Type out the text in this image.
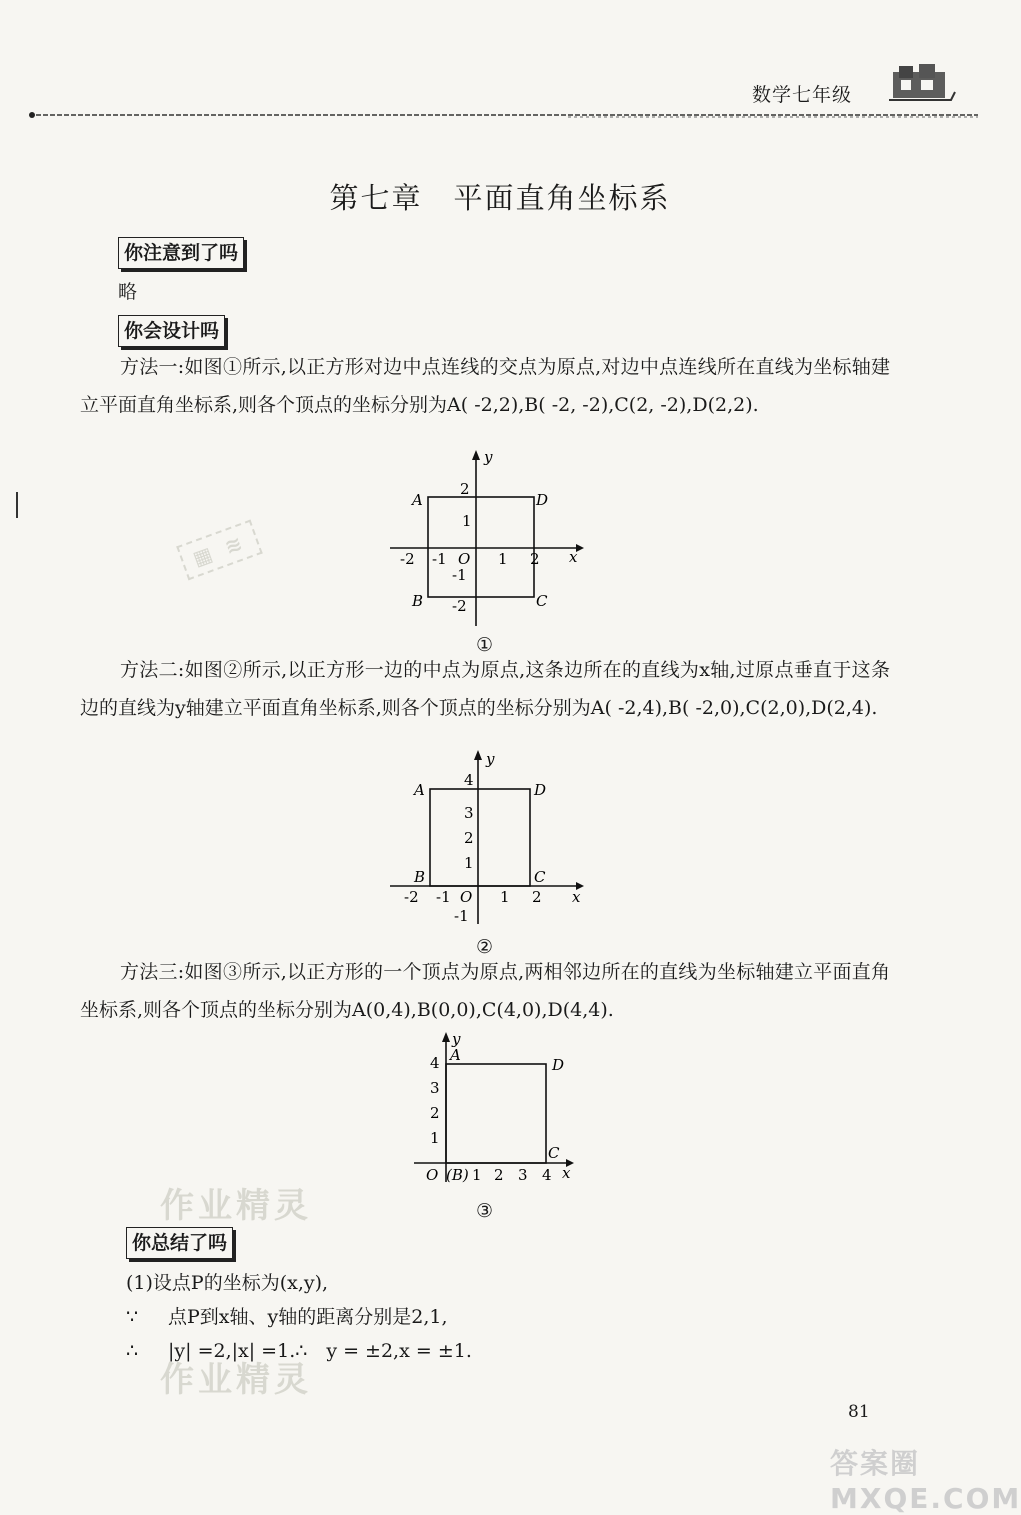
数学七年级
第七章　平面直角坐标系
你注意到了吗
略
你会设计吗
方法一:如图①所示,以正方形对边中点连线的交点为原点,对边中点连线所在直线为坐标轴建立平面直角坐标系,则各个顶点的坐标分别为A( -2,2),B( -2, -2),C(2, -2),D(2,2).
y
x
O
-2 -1	1 2
2
1
-1
-2
A	D
B	C
①
▦ ≋
方法二:如图②所示,以正方形一边的中点为原点,这条边所在的直线为x轴,过原点垂直于这条边的直线为y轴建立平面直角坐标系,则各个顶点的坐标分别为A( -2,4),B( -2,0),C(2,0),D(2,4).
y
x
O
-2 -1	1 2
4
3
2
1
-1
A	D
B	C
②
方法三:如图③所示,以正方形的一个顶点为原点,两相邻边所在的直线为坐标轴建立平面直角坐标系,则各个顶点的坐标分别为A(0,4),B(0,0),C(4,0),D(4,4).
y
x
O (B) 1 2 3 4
4
3
2
1
A
D
C
③
作业精灵
你总结了吗
(1)设点P的坐标为(x,y),
∵ 点P到x轴、y轴的距离分别是2,1,
∴ |y| =2,|x| =1.∴　y = ±2,x = ±1.
作业精灵
81
答案圈 MXQE.COM
